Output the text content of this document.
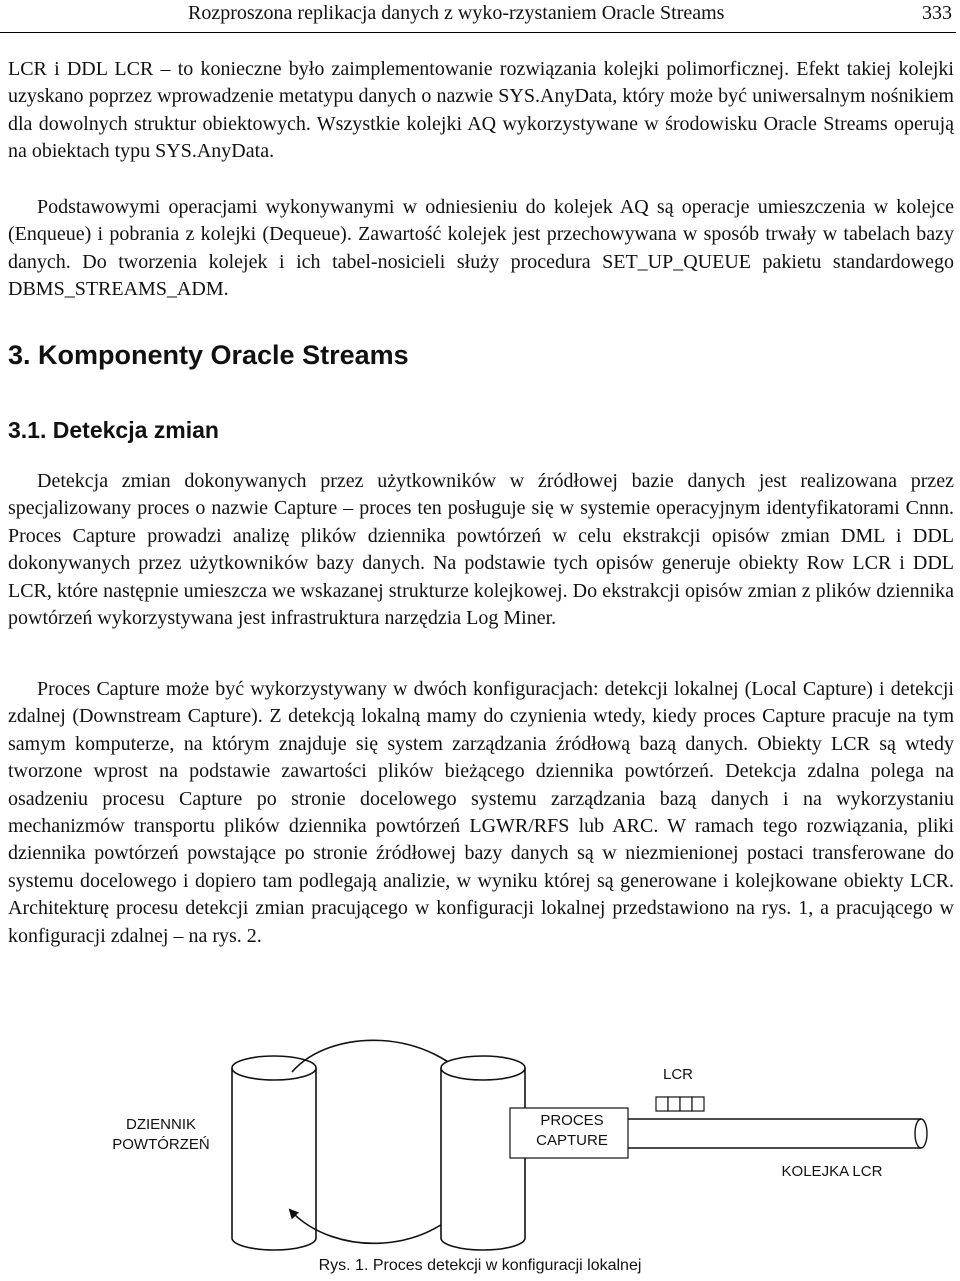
Rozproszona replikacja danych z wyko-rzystaniem Oracle Streams	333

LCR i DDL LCR – to konieczne było zaimplementowanie rozwiązania kolejki polimorficznej. Efekt takiej kolejki uzyskano poprzez wprowadzenie metatypu danych o nazwie SYS.AnyData, który może być uniwersalnym nośnikiem dla dowolnych struktur obiektowych. Wszystkie kolejki AQ wykorzystywane w środowisku Oracle Streams operują na obiektach typu SYS.AnyData.

Podstawowymi operacjami wykonywanymi w odniesieniu do kolejek AQ są operacje umieszczenia w kolejce (Enqueue) i pobrania z kolejki (Dequeue). Zawartość kolejek jest przechowywana w sposób trwały w tabelach bazy danych. Do tworzenia kolejek i ich tabel-nosicieli służy procedura SET_UP_QUEUE pakietu standardowego DBMS_STREAMS_ADM.

3. Komponenty Oracle Streams
3.1. Detekcja zmian

Detekcja zmian dokonywanych przez użytkowników w źródłowej bazie danych jest realizowana przez specjalizowany proces o nazwie Capture – proces ten posługuje się w systemie operacyjnym identyfikatorami Cnnn. Proces Capture prowadzi analizę plików dziennika powtórzeń w celu ekstrakcji opisów zmian DML i DDL dokonywanych przez użytkowników bazy danych. Na podstawie tych opisów generuje obiekty Row LCR i DDL LCR, które następnie umieszcza we wskazanej strukturze kolejkowej. Do ekstrakcji opisów zmian z plików dziennika powtórzeń wykorzystywana jest infrastruktura narzędzia Log Miner.

Proces Capture może być wykorzystywany w dwóch konfiguracjach: detekcji lokalnej (Local Capture) i detekcji zdalnej (Downstream Capture). Z detekcją lokalną mamy do czynienia wtedy, kiedy proces Capture pracuje na tym samym komputerze, na którym znajduje się system zarządzania źródłową bazą danych. Obiekty LCR są wtedy tworzone wprost na podstawie zawartości plików bieżącego dziennika powtórzeń. Detekcja zdalna polega na osadzeniu procesu Capture po stronie docelowego systemu zarządzania bazą danych i na wykorzystaniu mechanizmów transportu plików dziennika powtórzeń LGWR/RFS lub ARC. W ramach tego rozwiązania, pliki dziennika powtórzeń powstające po stronie źródłowej bazy danych są w niezmienionej postaci transferowane do systemu docelowego i dopiero tam podlegają analizie, w wyniku której są generowane i kolejkowane obiekty LCR. Architekturę procesu detekcji zmian pracującego w konfiguracji lokalnej przedstawiono na rys. 1, a pracującego w konfiguracji zdalnej – na rys. 2.

DZIENNIK
POWTÓRZEŃ
PROCES
CAPTURE
LCR
KOLEJKA LCR
Rys. 1. Proces detekcji w konfiguracji lokalnej
